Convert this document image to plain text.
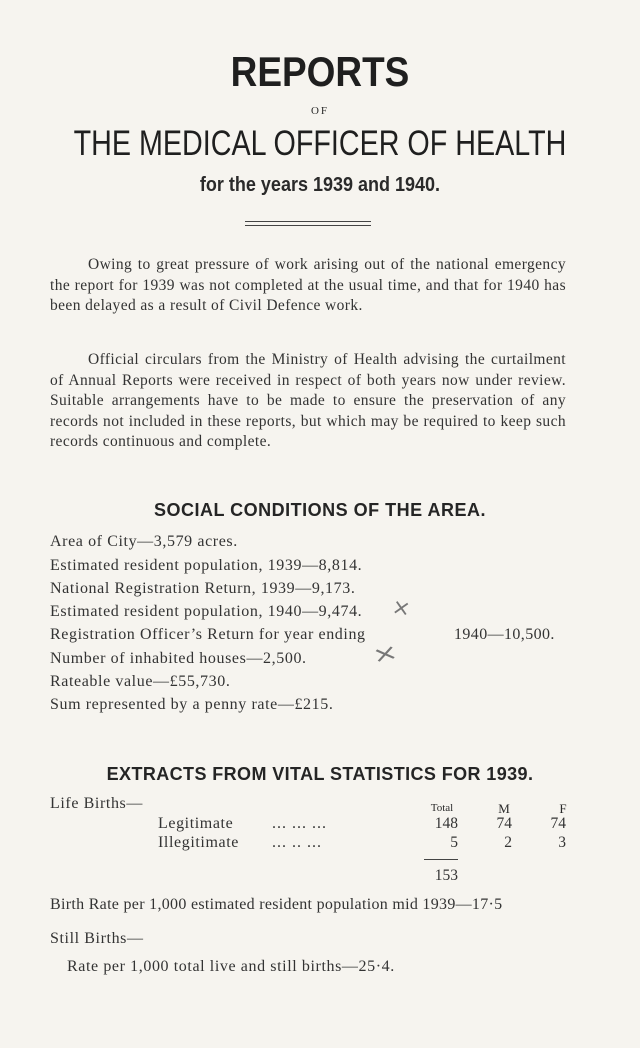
REPORTS
OF
THE MEDICAL OFFICER OF HEALTH
for the years 1939 and 1940.

Owing to great pressure of work arising out of the national emergency the report for 1939 was not completed at the usual time, and that for 1940 has been delayed as a result of Civil Defence work.

Official circulars from the Ministry of Health advising the curtailment of Annual Reports were received in respect of both years now under review. Suitable arrangements have to be made to ensure the preservation of any records not included in these reports, but which may be required to keep such records continuous and complete.

SOCIAL CONDITIONS OF THE AREA.
Area of City—3,579 acres.
Estimated resident population, 1939—8,814.
National Registration Return, 1939—9,173.
Estimated resident population, 1940—9,474. ×
Registration Officer’s Return for year ending	1940—10,500.
Number of inhabited houses—2,500.	×
Rateable value—£55,730.
Sum represented by a penny rate—£215.
EXTRACTS FROM VITAL STATISTICS FOR 1939.
Life Births—	Total	M	F
Legitimate ... ... ...	148	74	74
Illegitimate ... .. ...	5	2	3
153
Birth Rate per 1,000 estimated resident population mid 1939—17·5
Still Births—
Rate per 1,000 total live and still births—25·4.
